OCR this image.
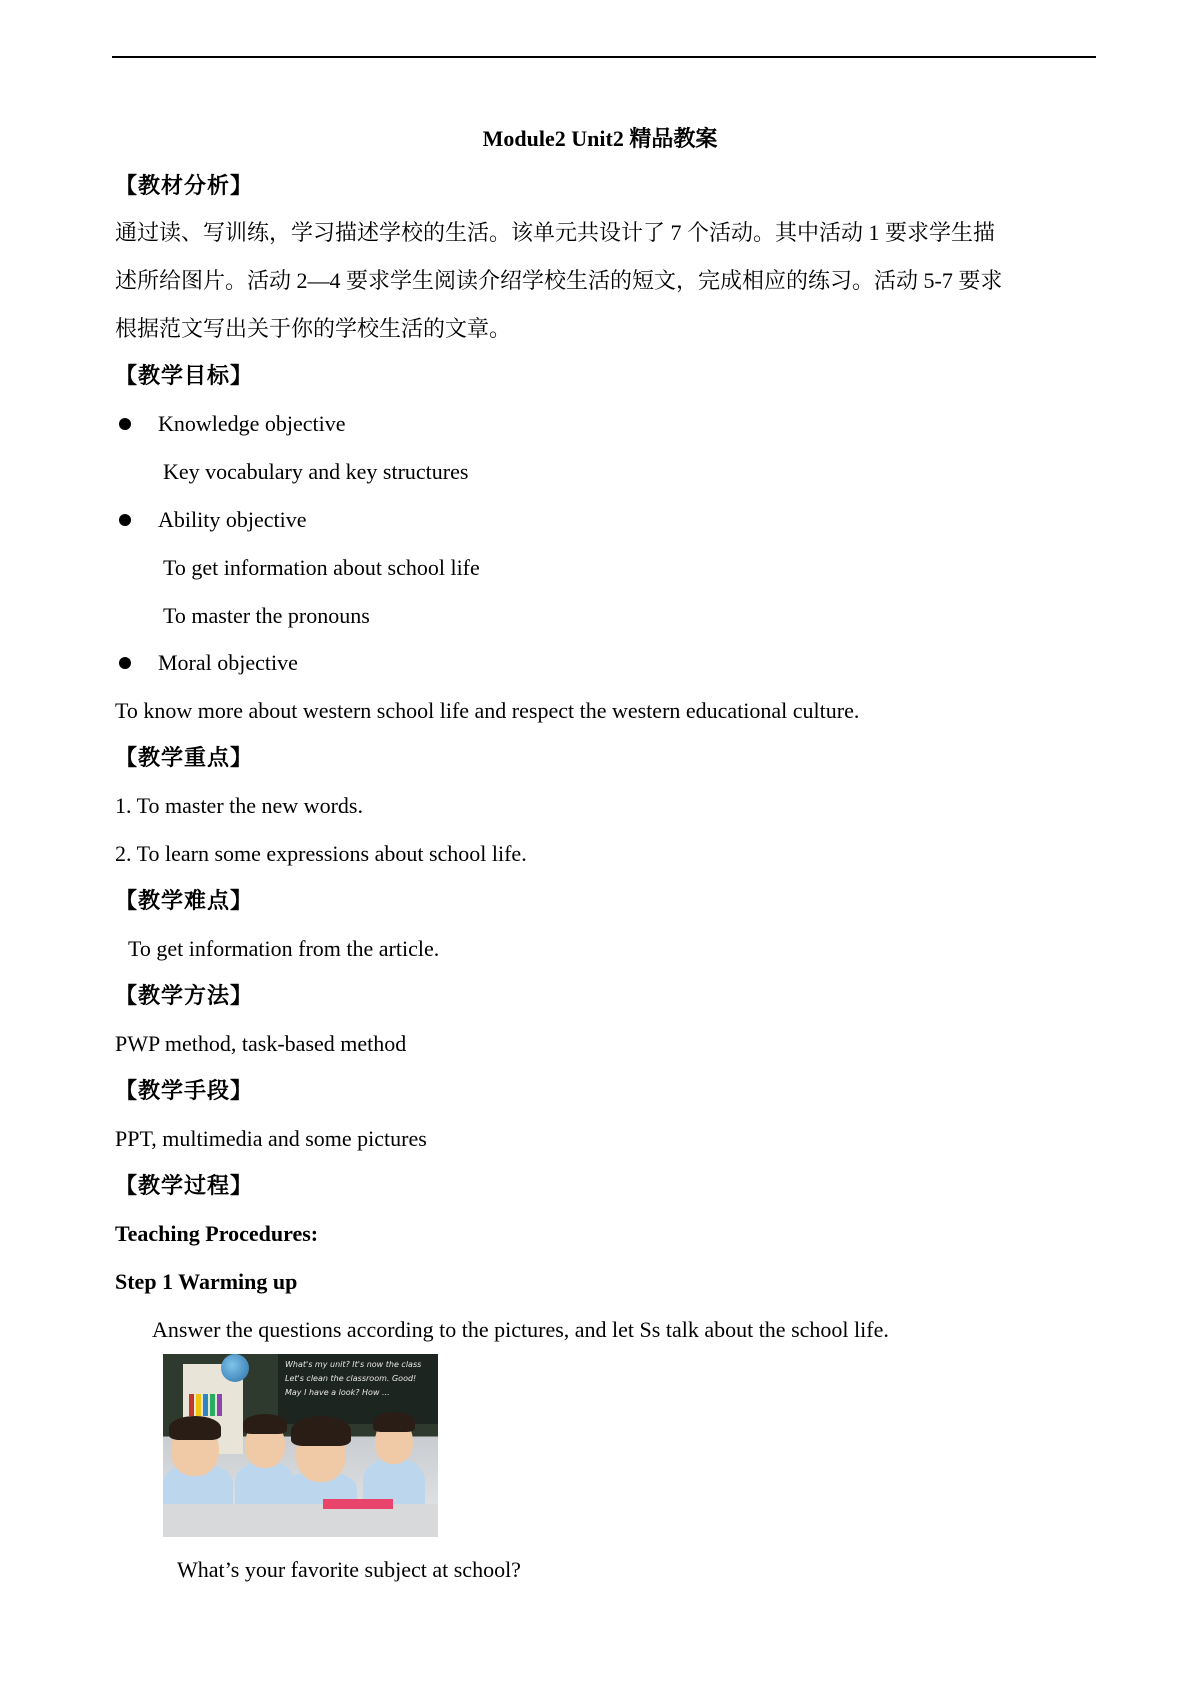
Module2 Unit2 精品教案
【教材分析】
通过读、写训练，学习描述学校的生活。该单元共设计了 7 个活动。其中活动 1 要求学生描
述所给图片。活动 2—4 要求学生阅读介绍学校生活的短文，完成相应的练习。活动 5-7 要求
根据范文写出关于你的学校生活的文章。
【教学目标】
Knowledge objective
Key vocabulary and key structures
Ability objective
To get information about school life
To master the pronouns
Moral objective
To know more about western school life and respect the western educational culture.
【教学重点】
1. To master the new words.
2. To learn some expressions about school life.
【教学难点】
To get information from the article.
【教学方法】
PWP method, task-based method
【教学手段】
PPT, multimedia and some pictures
【教学过程】
Teaching Procedures:
Step 1 Warming up
Answer the questions according to the pictures, and let Ss talk about the school life.
What's my unit? It's now the class
Let's clean the classroom. Good!
May I have a look? How ...
What’s your favorite subject at school?
